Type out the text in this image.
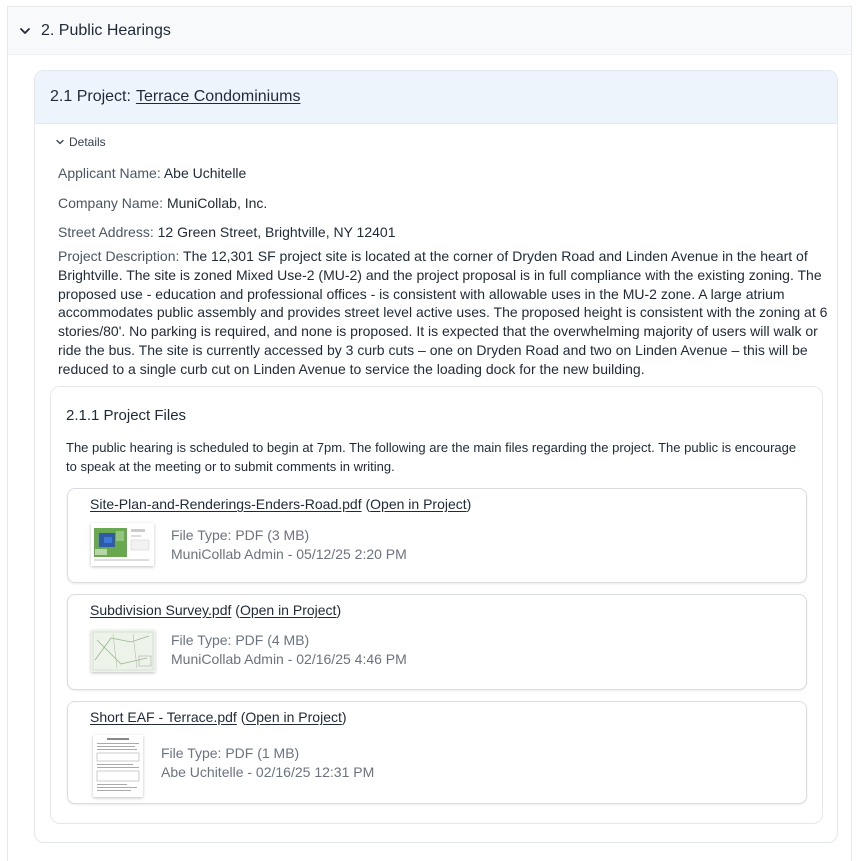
2. Public Hearings
2.1 Project: Terrace Condominiums
Details
Applicant Name: Abe Uchitelle
Company Name: MuniCollab, Inc.
Street Address: 12 Green Street, Brightville, NY 12401
Project Description: The 12,301 SF project site is located at the corner of Dryden Road and Linden Avenue in the heart of
Brightville. The site is zoned Mixed Use-2 (MU-2) and the project proposal is in full compliance with the existing zoning. The
proposed use - education and professional offices - is consistent with allowable uses in the MU-2 zone. A large atrium
accommodates public assembly and provides street level active uses. The proposed height is consistent with the zoning at 6
stories/80'. No parking is required, and none is proposed. It is expected that the overwhelming majority of users will walk or
ride the bus. The site is currently accessed by 3 curb cuts – one on Dryden Road and two on Linden Avenue – this will be
reduced to a single curb cut on Linden Avenue to service the loading dock for the new building.
2.1.1 Project Files
The public hearing is scheduled to begin at 7pm. The following are the main files regarding the project. The public is encourage
to speak at the meeting or to submit comments in writing.
Site-Plan-and-Renderings-Enders-Road.pdf (Open in Project)
File Type: PDF (3 MB)
MuniCollab Admin - 05/12/25 2:20 PM
Subdivision Survey.pdf (Open in Project)
File Type: PDF (4 MB)
MuniCollab Admin - 02/16/25 4:46 PM
Short EAF - Terrace.pdf (Open in Project)
File Type: PDF (1 MB)
Abe Uchitelle - 02/16/25 12:31 PM
